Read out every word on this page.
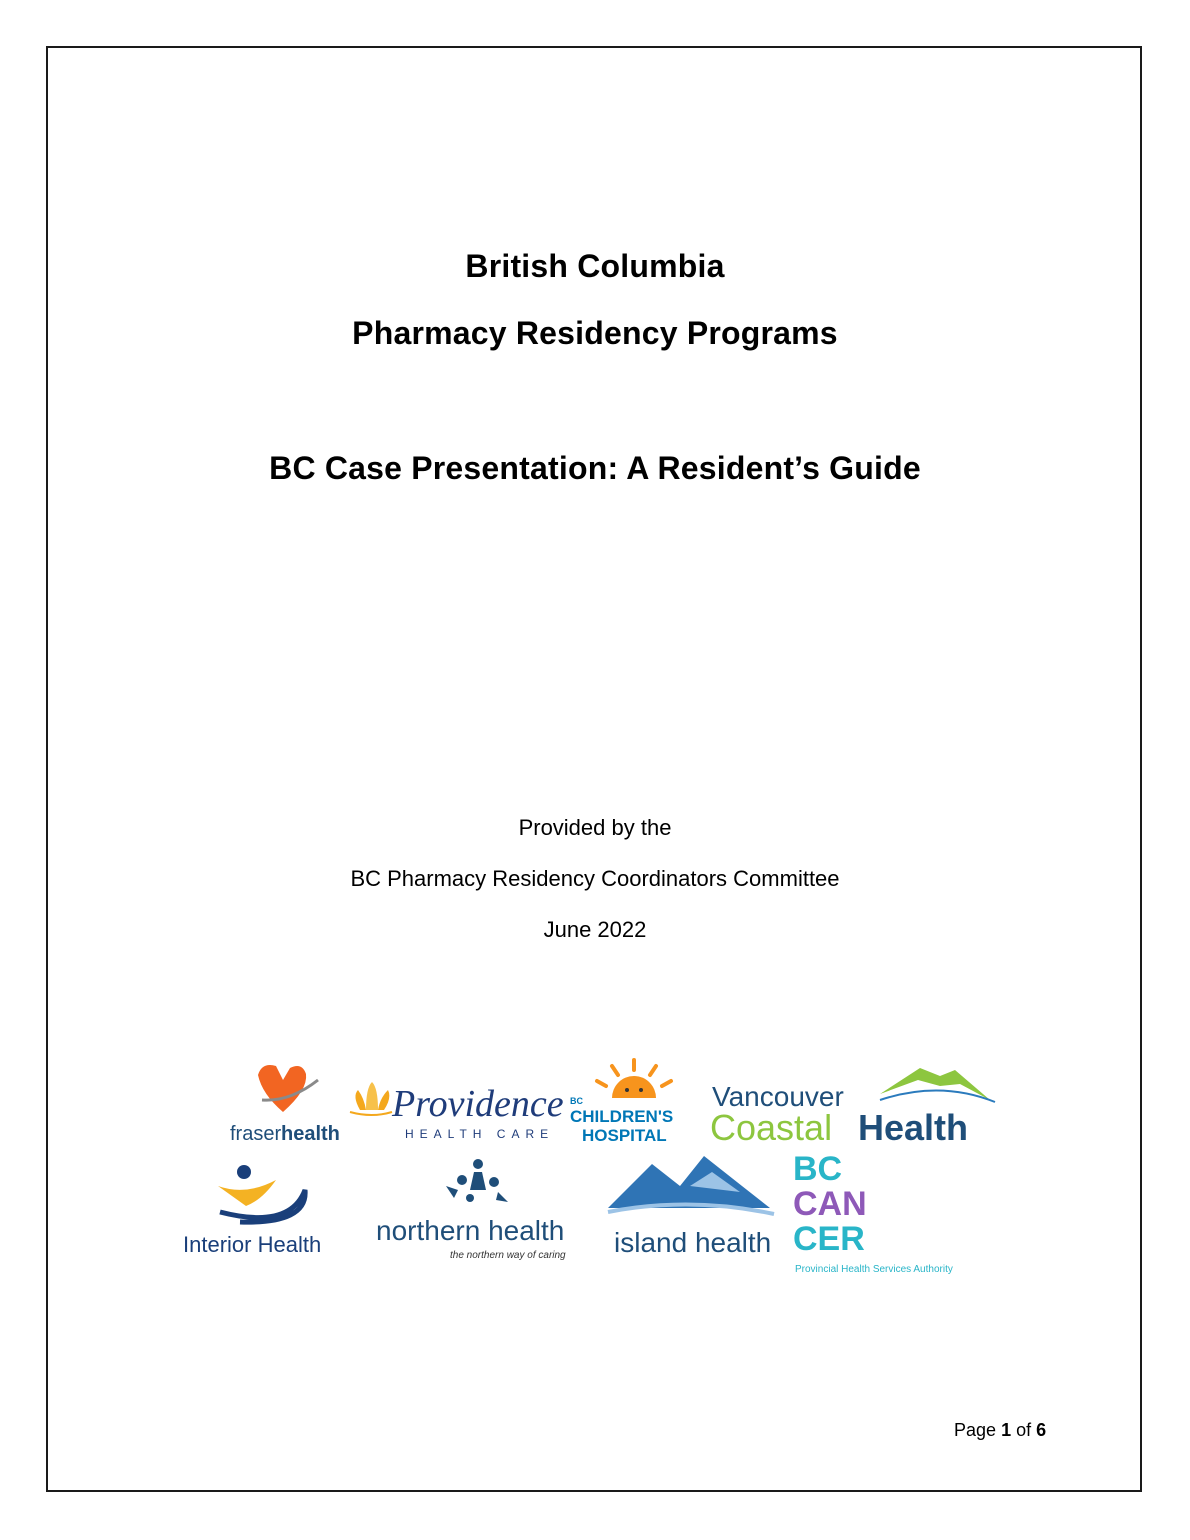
British Columbia
Pharmacy Residency Programs
BC Case Presentation: A Resident’s Guide
Provided by the
BC Pharmacy Residency Coordinators Committee
June 2022
fraser health
Providence
HEALTH CARE
BC
CHILDREN'S
HOSPITAL
Vancouver
Coastal Health
Interior Health northern health
the northern way of caring island health
BC
CAN
CER
Provincial Health Services Authority
Page 1 of 6
